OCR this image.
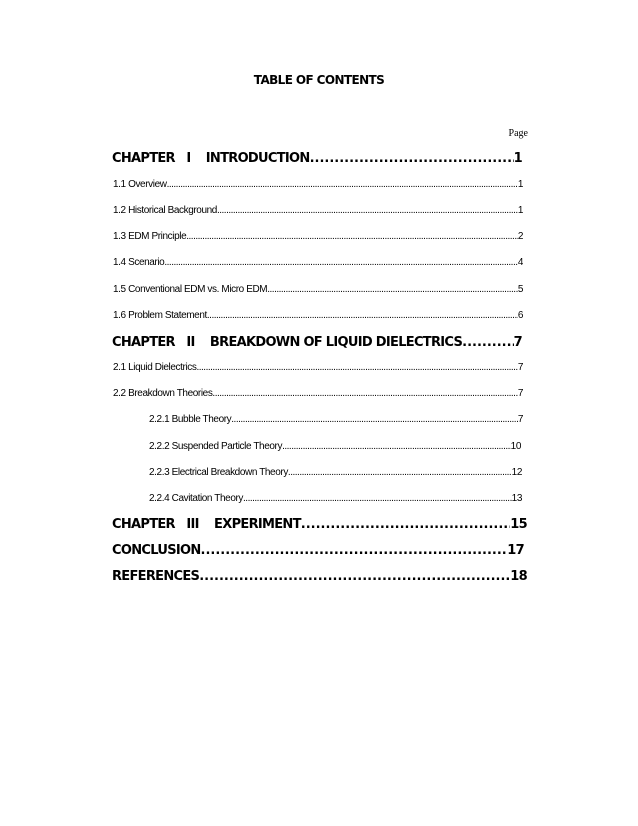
TABLE OF CONTENTS
Page
CHAPTER   I    INTRODUCTION .....	1
1.1 Overview .....	1
1.2 Historical Background .....	1
1.3 EDM Principle .....	2
1.4 Scenario .....	4
1.5 Conventional EDM vs. Micro EDM .....	5
1.6 Problem Statement .....	6
CHAPTER   II    BREAKDOWN OF LIQUID DIELECTRICS .....	7
2.1 Liquid Dielectrics .....	7
2.2 Breakdown Theories .....	7
2.2.1 Bubble Theory .....	7
2.2.2 Suspended Particle Theory .....	10
2.2.3 Electrical Breakdown Theory .....	12
2.2.4 Cavitation Theory .....	13
CHAPTER   III    EXPERIMENT .....	15
CONCLUSION .....	17
REFERENCES .....	18
